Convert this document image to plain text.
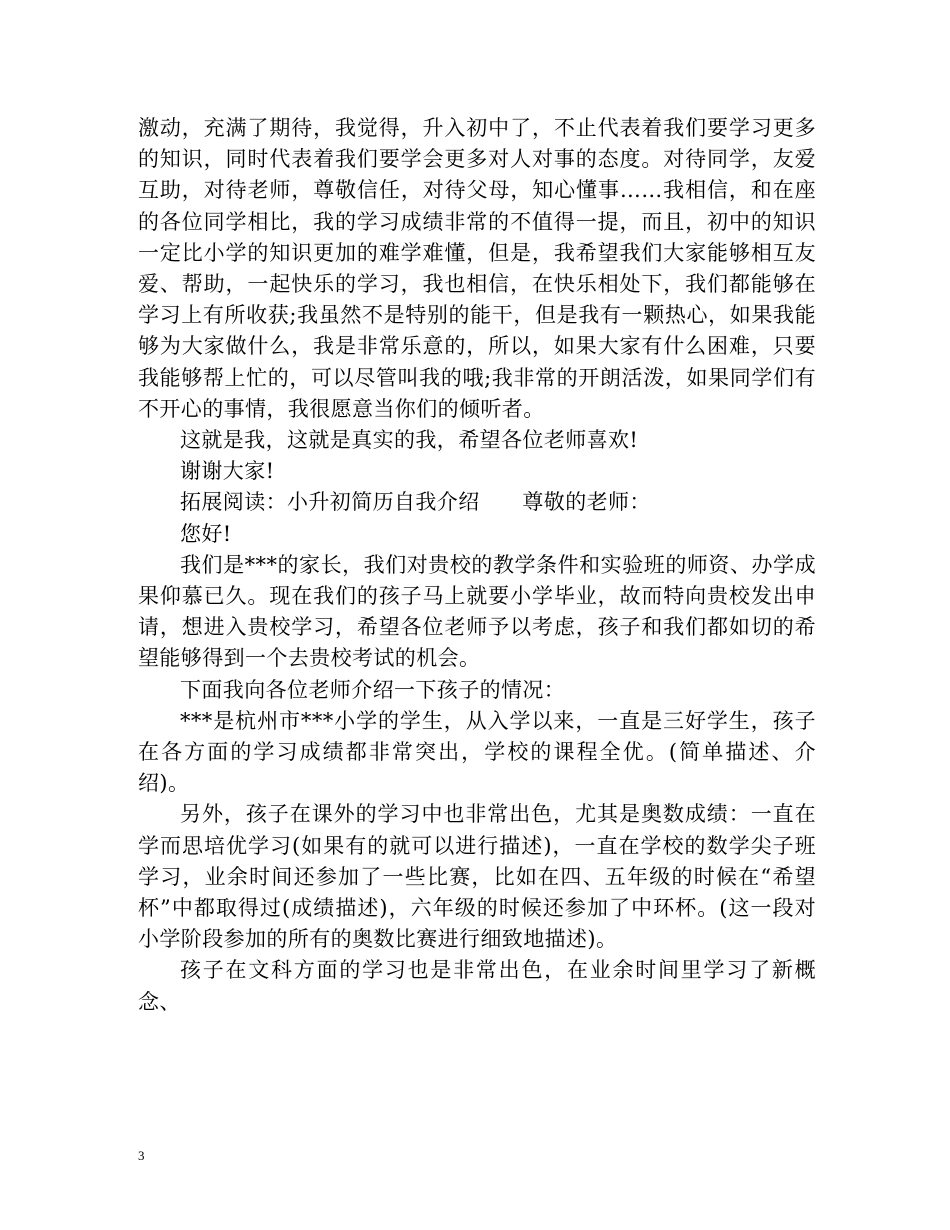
激动，充满了期待，我觉得，升入初中了，不止代表着我们要学习更多的知识，同时代表着我们要学会更多对人对事的态度。对待同学，友爱互助，对待老师，尊敬信任，对待父母，知心懂事……我相信，和在座的各位同学相比，我的学习成绩非常的不值得一提，而且，初中的知识一定比小学的知识更加的难学难懂，但是，我希望我们大家能够相互友爱、帮助，一起快乐的学习，我也相信，在快乐相处下，我们都能够在学习上有所收获;我虽然不是特别的能干，但是我有一颗热心，如果我能够为大家做什么，我是非常乐意的，所以，如果大家有什么困难，只要我能够帮上忙的，可以尽管叫我的哦;我非常的开朗活泼，如果同学们有不开心的事情，我很愿意当你们的倾听者。

这就是我，这就是真实的我，希望各位老师喜欢!

谢谢大家!

拓展阅读：小升初简历自我介绍　　尊敬的老师：

您好!

我们是***的家长，我们对贵校的教学条件和实验班的师资、办学成果仰慕已久。现在我们的孩子马上就要小学毕业，故而特向贵校发出申请，想进入贵校学习，希望各位老师予以考虑，孩子和我们都如切的希望能够得到一个去贵校考试的机会。

下面我向各位老师介绍一下孩子的情况：

***是杭州市***小学的学生，从入学以来，一直是三好学生，孩子在各方面的学习成绩都非常突出，学校的课程全优。(简单描述、介绍)。

另外，孩子在课外的学习中也非常出色，尤其是奥数成绩：一直在学而思培优学习(如果有的就可以进行描述)，一直在学校的数学尖子班学习，业余时间还参加了一些比赛，比如在四、五年级的时候在“希望杯”中都取得过(成绩描述)，六年级的时候还参加了中环杯。(这一段对小学阶段参加的所有的奥数比赛进行细致地描述)。

孩子在文科方面的学习也是非常出色，在业余时间里学习了新概念、

3
